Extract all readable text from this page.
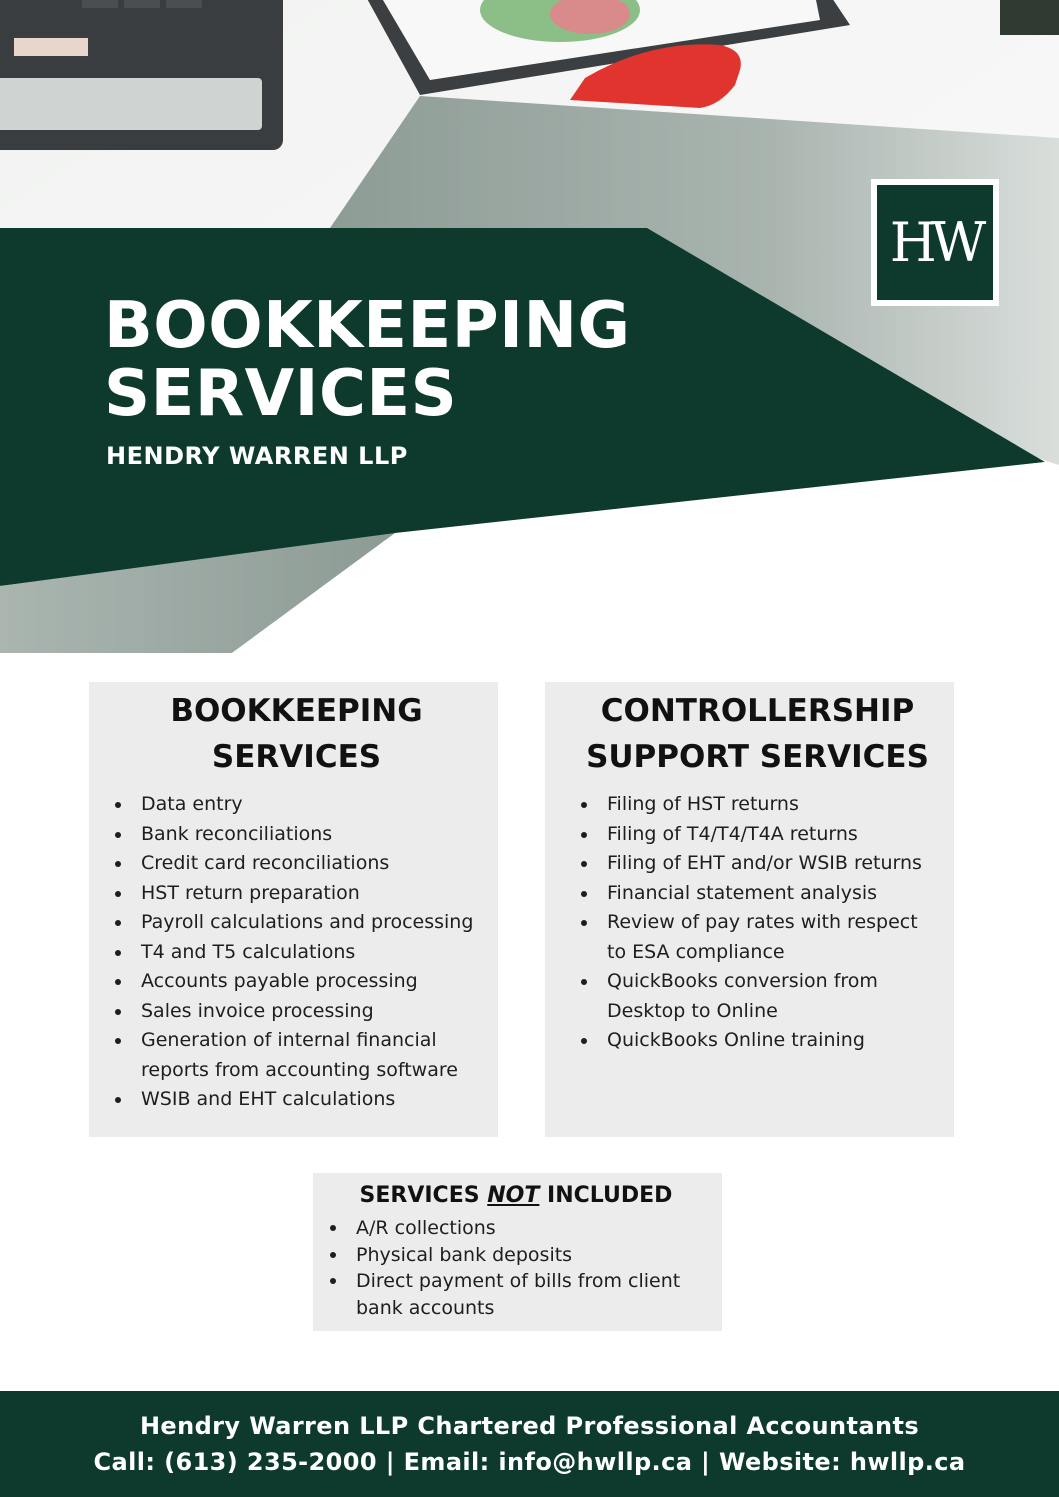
BOOKKEEPING
SERVICES

HENDRY WARREN LLP

HW
BOOKKEEPING
SERVICES
Data entry
Bank reconciliations
Credit card reconciliations
HST return preparation
Payroll calculations and processing
T4 and T5 calculations
Accounts payable processing
Sales invoice processing
Generation of internal financial reports from accounting software
WSIB and EHT calculations
CONTROLLERSHIP
SUPPORT SERVICES
Filing of HST returns
Filing of T4/T4/T4A returns
Filing of EHT and/or WSIB returns
Financial statement analysis
Review of pay rates with respect to ESA compliance
QuickBooks conversion from Desktop to Online
QuickBooks Online training
SERVICES NOT INCLUDED
A/R collections
Physical bank deposits
Direct payment of bills from client bank accounts
Hendry Warren LLP Chartered Professional Accountants
Call: (613) 235-2000 | Email: info@hwllp.ca | Website: hwllp.ca
